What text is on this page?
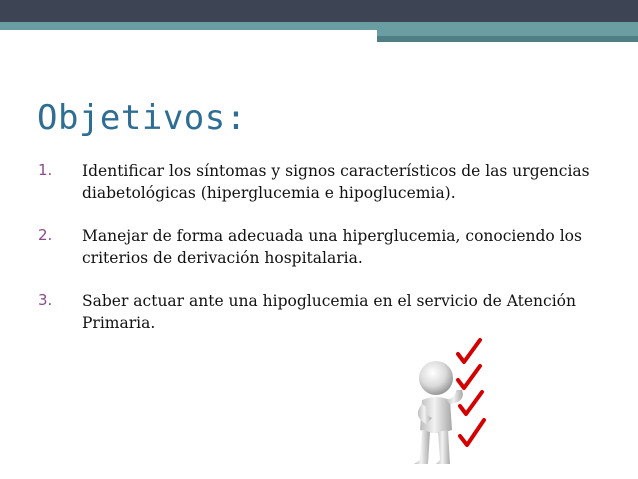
Objetivos:
1.	Identificar los síntomas y signos característicos de las urgencias
diabetológicas (hiperglucemia e hipoglucemia).
2.	Manejar de forma adecuada una hiperglucemia, conociendo los
criterios de derivación hospitalaria.
3.	Saber actuar ante una hipoglucemia en el servicio de Atención
Primaria.
